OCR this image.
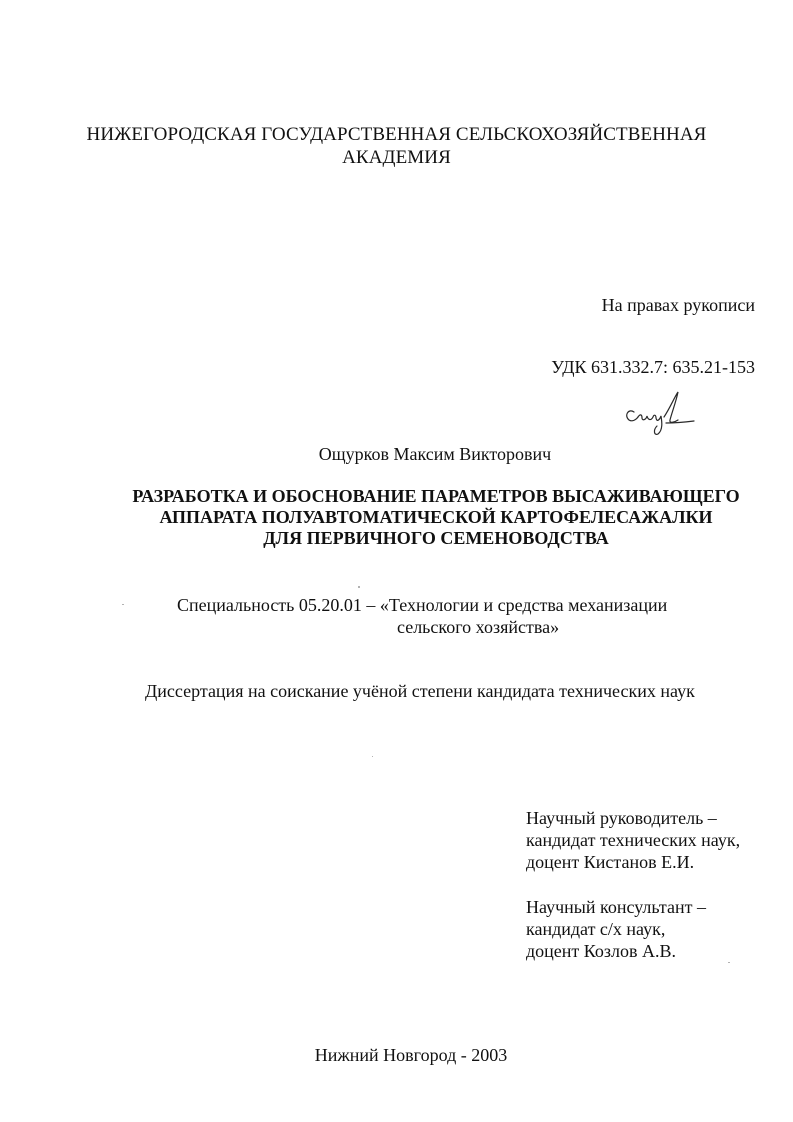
НИЖЕГОРОДСКАЯ ГОСУДАРСТВЕННАЯ СЕЛЬСКОХОЗЯЙСТВЕННАЯ
АКАДЕМИЯ
На правах рукописи
УДК 631.332.7: 635.21-153
Ощурков Максим Викторович
РАЗРАБОТКА И ОБОСНОВАНИЕ ПАРАМЕТРОВ ВЫСАЖИВАЮЩЕГО
АППАРАТА ПОЛУАВТОМАТИЧЕСКОЙ КАРТОФЕЛЕСАЖАЛКИ
ДЛЯ ПЕРВИЧНОГО СЕМЕНОВОДСТВА
Специальность 05.20.01 – «Технологии и средства механизации
сельского хозяйства»
Диссертация на соискание учёной степени кандидата технических наук
Научный руководитель –
кандидат технических наук,
доцент Кистанов Е.И.
Научный консультант –
кандидат с/х наук,
доцент Козлов А.В.
Нижний Новгород - 2003
